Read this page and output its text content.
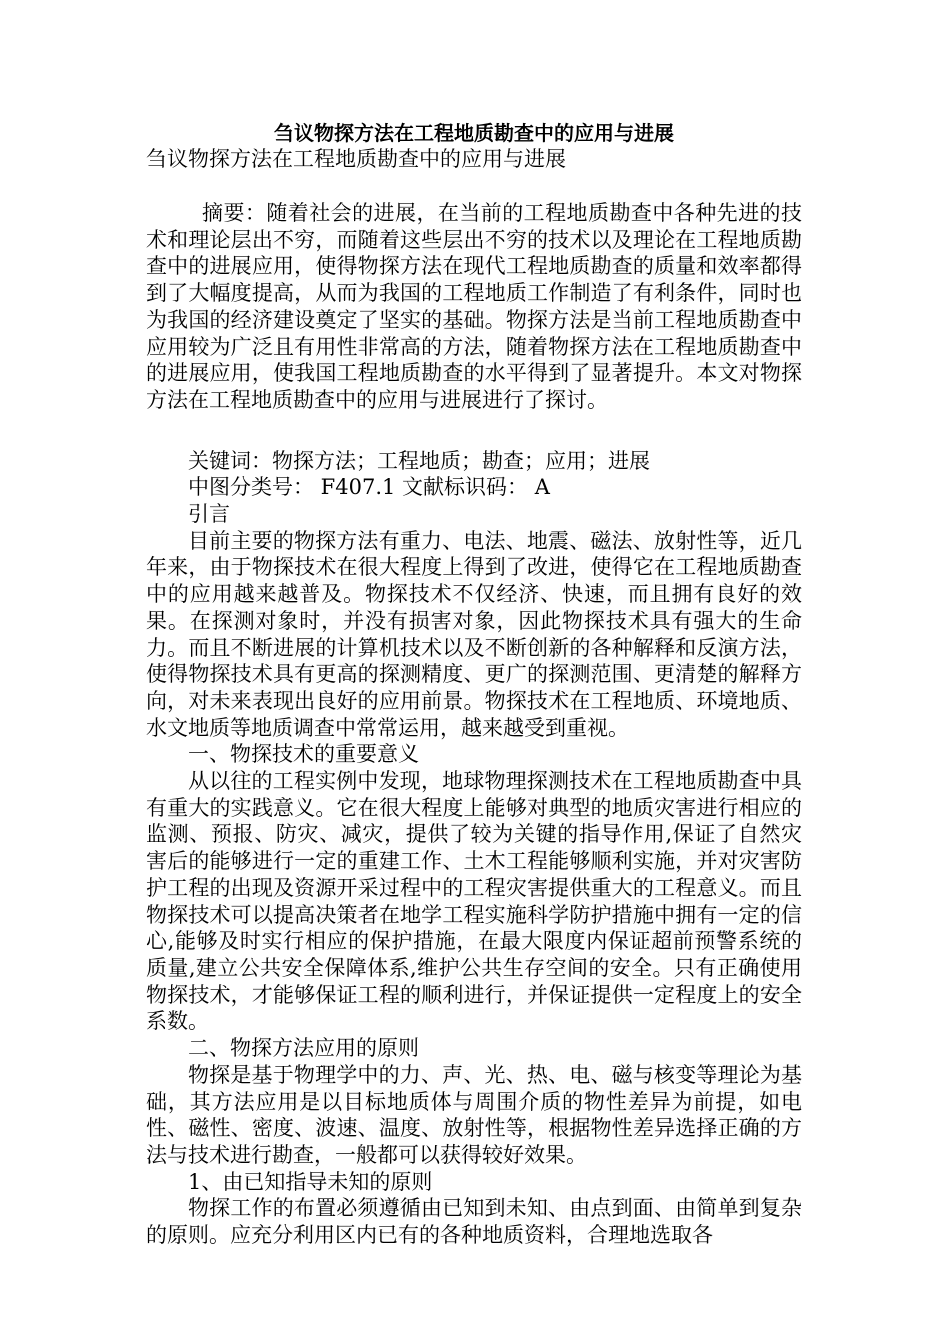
刍议物探方法在工程地质勘查中的应用与进展

刍议物探方法在工程地质勘查中的应用与进展

摘要：随着社会的进展，在当前的工程地质勘查中各种先进的技术和理论层出不穷，而随着这些层出不穷的技术以及理论在工程地质勘查中的进展应用，使得物探方法在现代工程地质勘查的质量和效率都得到了大幅度提高，从而为我国的工程地质工作制造了有利条件，同时也为我国的经济建设奠定了坚实的基础。物探方法是当前工程地质勘查中应用较为广泛且有用性非常高的方法，随着物探方法在工程地质勘查中的进展应用，使我国工程地质勘查的水平得到了显著提升。本文对物探方法在工程地质勘查中的应用与进展进行了探讨。

关键词：物探方法；工程地质；勘查；应用；进展

中图分类号： F407.1 文献标识码： A

引言

目前主要的物探方法有重力、电法、地震、磁法、放射性等，近几年来，由于物探技术在很大程度上得到了改进，使得它在工程地质勘查中的应用越来越普及。物探技术不仅经济、快速，而且拥有良好的效果。在探测对象时，并没有损害对象，因此物探技术具有强大的生命力。而且不断进展的计算机技术以及不断创新的各种解释和反演方法，使得物探技术具有更高的探测精度、更广的探测范围、更清楚的解释方向，对未来表现出良好的应用前景。物探技术在工程地质、环境地质、水文地质等地质调查中常常运用，越来越受到重视。

一、物探技术的重要意义

从以往的工程实例中发现，地球物理探测技术在工程地质勘查中具有重大的实践意义。它在很大程度上能够对典型的地质灾害进行相应的监测、预报、防灾、减灾，提供了较为关键的指导作用,保证了自然灾害后的能够进行一定的重建工作、土木工程能够顺利实施，并对灾害防护工程的出现及资源开采过程中的工程灾害提供重大的工程意义。而且物探技术可以提高决策者在地学工程实施科学防护措施中拥有一定的信心,能够及时实行相应的保护措施，在最大限度内保证超前预警系统的质量,建立公共安全保障体系,维护公共生存空间的安全。只有正确使用物探技术，才能够保证工程的顺利进行，并保证提供一定程度上的安全系数。

二、物探方法应用的原则

物探是基于物理学中的力、声、光、热、电、磁与核变等理论为基础，其方法应用是以目标地质体与周围介质的物性差异为前提，如电性、磁性、密度、波速、温度、放射性等，根据物性差异选择正确的方法与技术进行勘查，一般都可以获得较好效果。

1、由已知指导未知的原则

物探工作的布置必须遵循由已知到未知、由点到面、由简单到复杂的原则。应充分利用区内已有的各种地质资料，合理地选取各
